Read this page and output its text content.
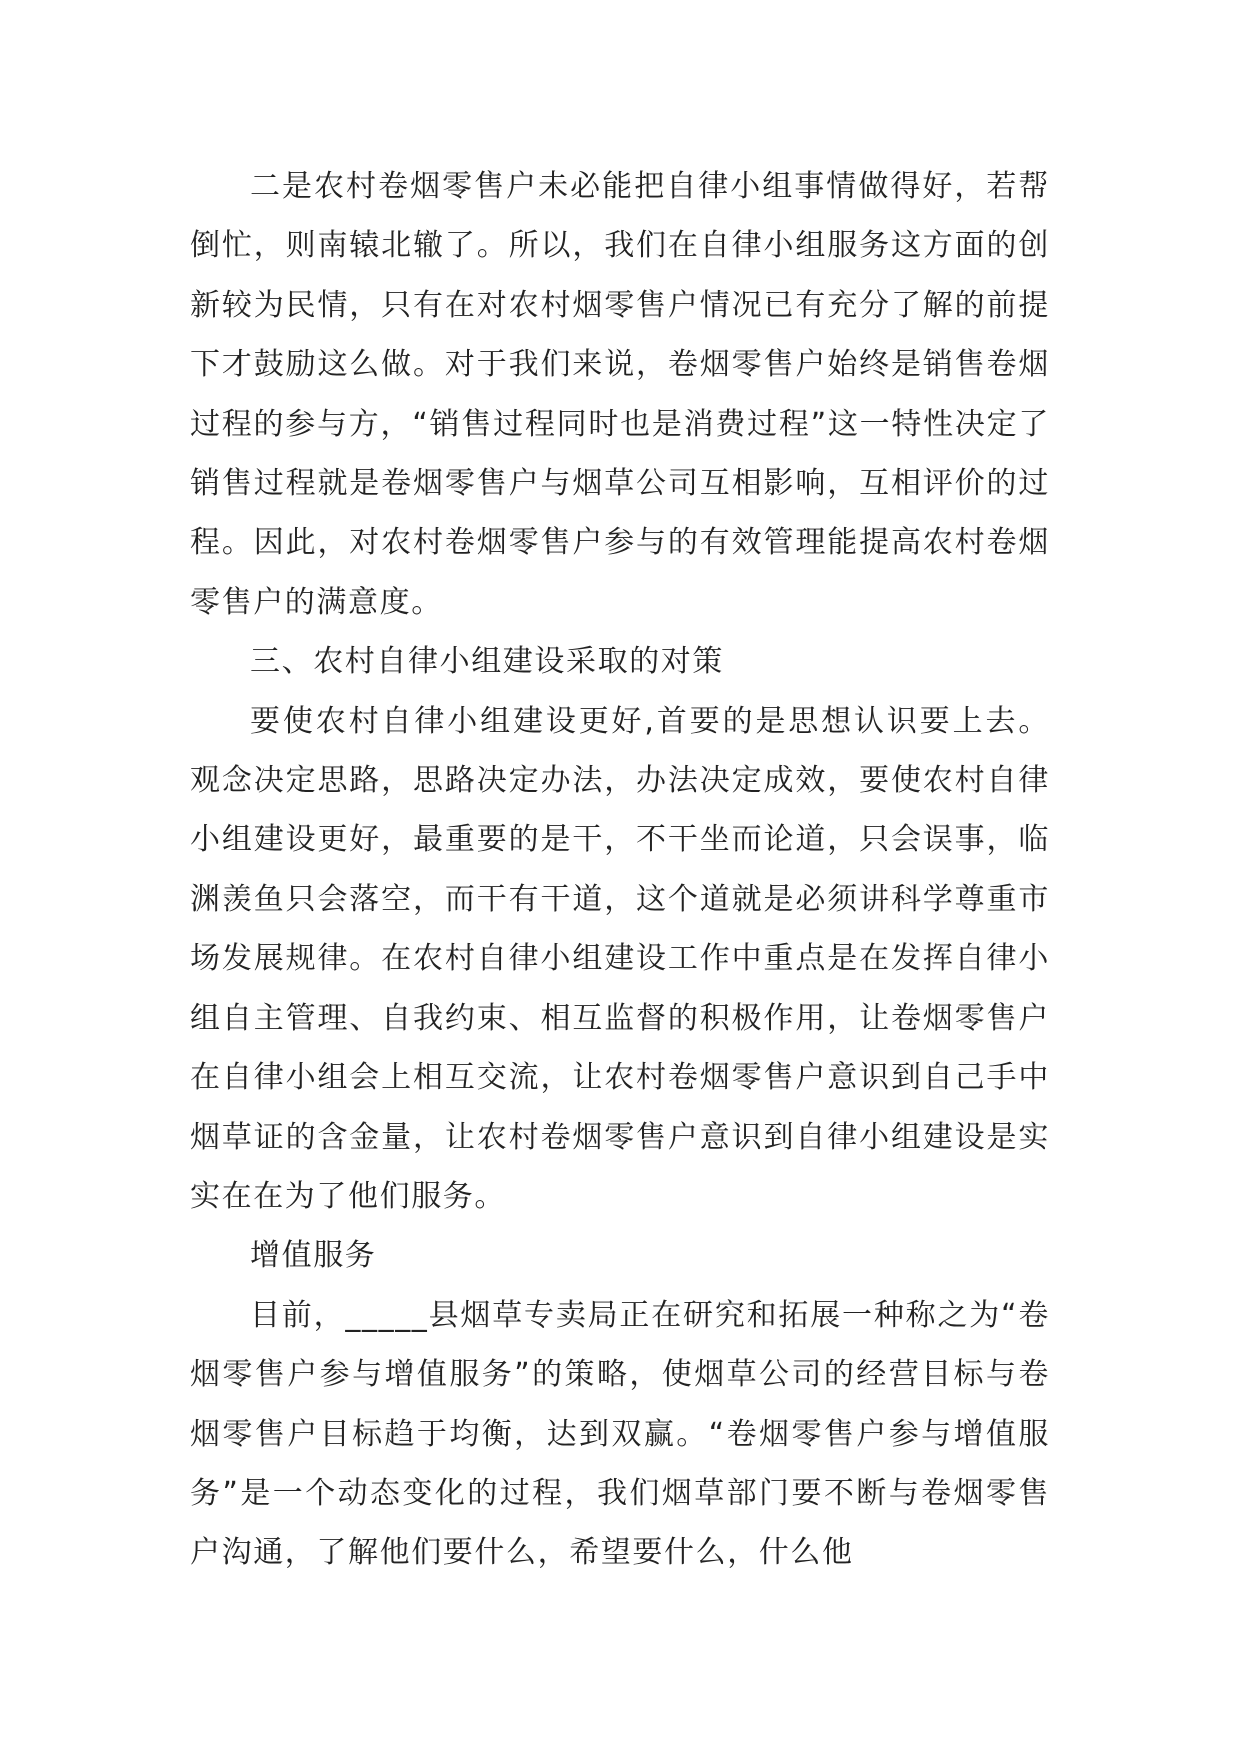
二是农村卷烟零售户未必能把自律小组事情做得好，若帮倒忙，则南辕北辙了。所以，我们在自律小组服务这方面的创新较为民情，只有在对农村烟零售户情况已有充分了解的前提下才鼓励这么做。对于我们来说，卷烟零售户始终是销售卷烟过程的参与方，“销售过程同时也是消费过程”这一特性决定了销售过程就是卷烟零售户与烟草公司互相影响，互相评价的过程。因此，对农村卷烟零售户参与的有效管理能提高农村卷烟零售户的满意度。

三、农村自律小组建设采取的对策

要使农村自律小组建设更好,首要的是思想认识要上去。观念决定思路，思路决定办法，办法决定成效，要使农村自律小组建设更好，最重要的是干，不干坐而论道，只会误事，临渊羡鱼只会落空，而干有干道，这个道就是必须讲科学尊重市场发展规律。在农村自律小组建设工作中重点是在发挥自律小组自主管理、自我约束、相互监督的积极作用，让卷烟零售户在自律小组会上相互交流，让农村卷烟零售户意识到自己手中烟草证的含金量，让农村卷烟零售户意识到自律小组建设是实实在在为了他们服务。

增值服务

目前，_____县烟草专卖局正在研究和拓展一种称之为“卷烟零售户参与增值服务”的策略，使烟草公司的经营目标与卷烟零售户目标趋于均衡，达到双赢。“卷烟零售户参与增值服务”是一个动态变化的过程，我们烟草部门要不断与卷烟零售户沟通，了解他们要什么，希望要什么，什么他
